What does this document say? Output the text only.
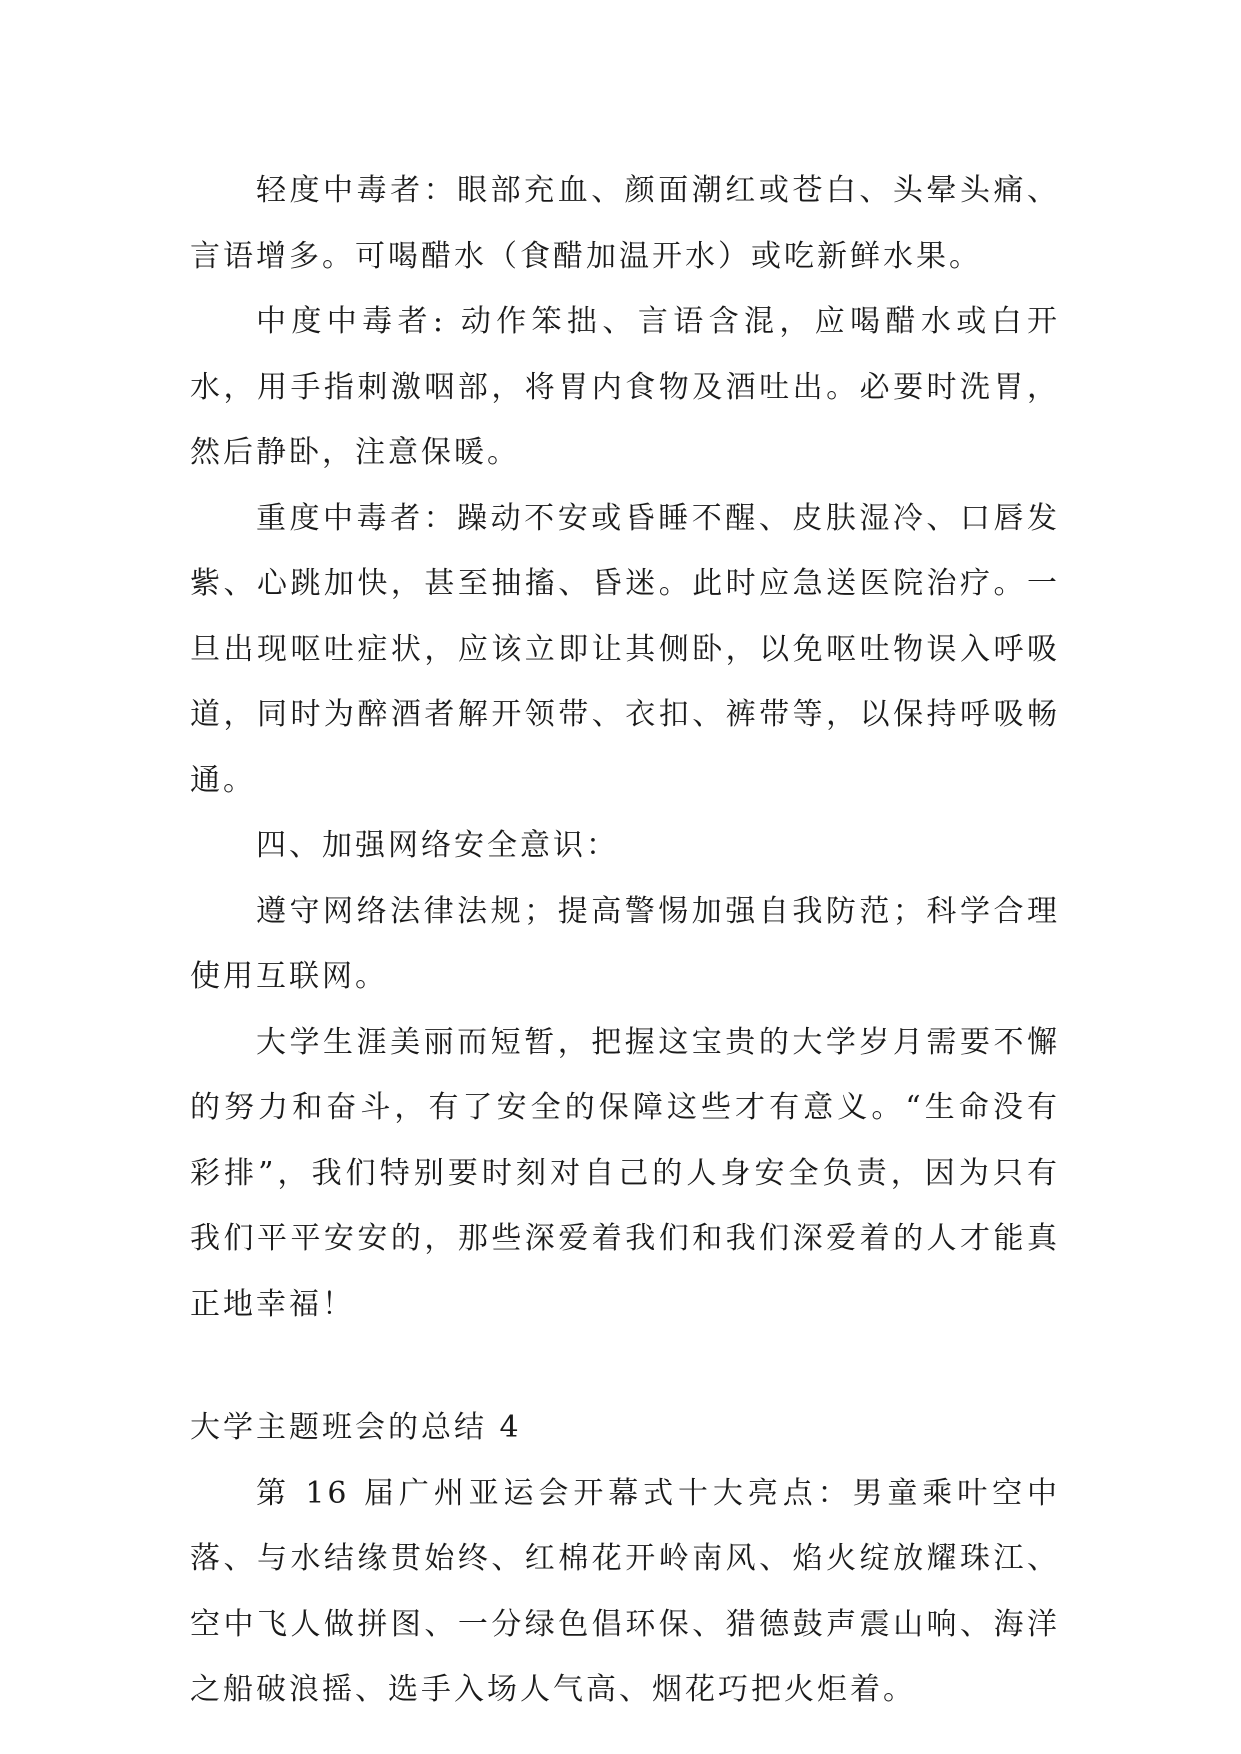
轻度中毒者：眼部充血、颜面潮红或苍白、头晕头痛、言语增多。可喝醋水（食醋加温开水）或吃新鲜水果。

中度中毒者: 动作笨拙、言语含混，应喝醋水或白开水，用手指刺激咽部，将胃内食物及酒吐出。必要时洗胃，然后静卧，注意保暖。

重度中毒者：躁动不安或昏睡不醒、皮肤湿冷、口唇发紫、心跳加快，甚至抽搐、昏迷。此时应急送医院治疗。一旦出现呕吐症状，应该立即让其侧卧，以免呕吐物误入呼吸道，同时为醉酒者解开领带、衣扣、裤带等，以保持呼吸畅通。

四、加强网络安全意识：

遵守网络法律法规；提高警惕加强自我防范；科学合理使用互联网。

大学生涯美丽而短暂，把握这宝贵的大学岁月需要不懈的努力和奋斗，有了安全的保障这些才有意义。“生命没有彩排”，我们特别要时刻对自己的人身安全负责，因为只有我们平平安安的，那些深爱着我们和我们深爱着的人才能真正地幸福！

大学主题班会的总结 4

第 16 届广州亚运会开幕式十大亮点：男童乘叶空中落、与水结缘贯始终、红棉花开岭南风、焰火绽放耀珠江、空中飞人做拼图、一分绿色倡环保、猎德鼓声震山响、海洋之船破浪摇、选手入场人气高、烟花巧把火炬着。
